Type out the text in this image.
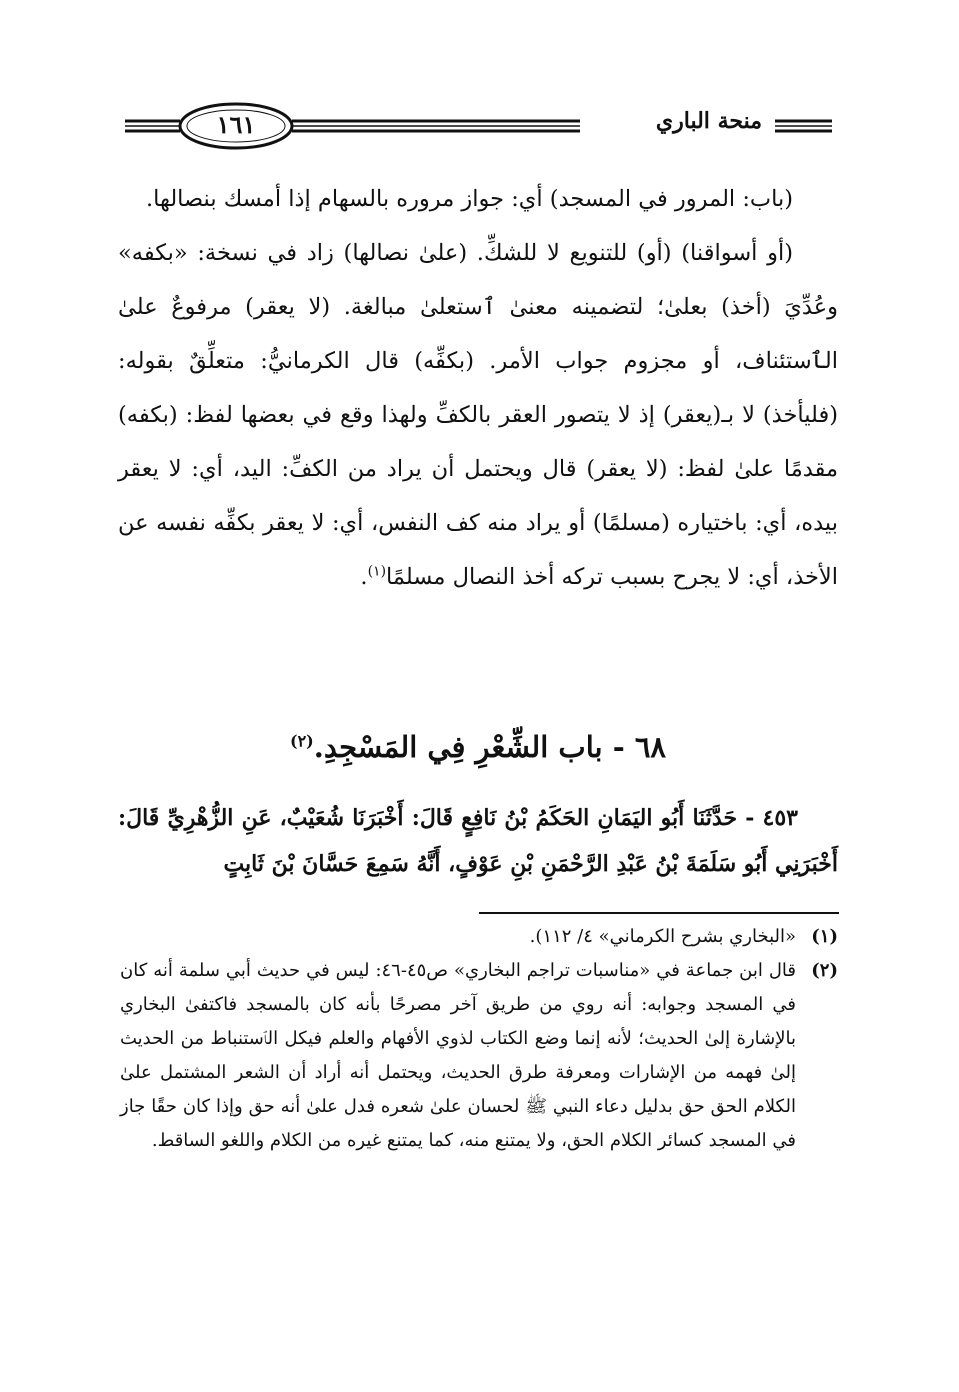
منحة الباري
١٦١

(باب: المرور في المسجد) أي: جواز مروره بالسهام إذا أمسك بنصالها.

(أو أسواقنا) (أو) للتنويع لا للشكِّ. (علىٰ نصالها) زاد في نسخة: «بكفه» وعُدِّيَ (أخذ) بعلىٰ؛ لتضمينه معنىٰ ٱستعلىٰ مبالغة. (لا يعقر) مرفوعٌ علىٰ الٱستئناف، أو مجزوم جواب الأمر. (بكفِّه) قال الكرمانيُّ: متعلِّقٌ بقوله: (فليأخذ) لا بـ(يعقر) إذ لا يتصور العقر بالكفِّ ولهذا وقع في بعضها لفظ: (بكفه) مقدمًا علىٰ لفظ: (لا يعقر) قال ويحتمل أن يراد من الكفِّ: اليد، أي: لا يعقر بيده، أي: باختياره (مسلمًا) أو يراد منه كف النفس، أي: لا يعقر بكفِّه نفسه عن الأخذ، أي: لا يجرح بسبب تركه أخذ النصال مسلمًا$^{(١)}$.

٦٨ - باب الشِّعْرِ فِي المَسْجِدِ.$^{(٢)}$

٤٥٣ - حَدَّثَنَا أَبُو اليَمَانِ الحَكَمُ بْنُ نَافِعٍ قَالَ: أَخْبَرَنَا شُعَيْبٌ، عَنِ الزُّهْرِيِّ قَالَ: أَخْبَرَنِي أَبُو سَلَمَةَ بْنُ عَبْدِ الرَّحْمَنِ بْنِ عَوْفٍ، أَنَّهُ سَمِعَ حَسَّانَ بْنَ ثَابِتٍ

(١)
«البخاري بشرح الكرماني» ٤/ ١١٢).
(٢)
قال ابن جماعة في «مناسبات تراجم البخاري» ص٤٥-٤٦: ليس في حديث أبي سلمة أنه كان في المسجد وجوابه: أنه روي من طريق آخر مصرحًا بأنه كان بالمسجد فاكتفىٰ البخاري بالإشارة إلىٰ الحديث؛ لأنه إنما وضع الكتاب لذوي الأفهام والعلم فيكل الٱستنباط من الحديث إلىٰ فهمه من الإشارات ومعرفة طرق الحديث، ويحتمل أنه أراد أن الشعر المشتمل علىٰ الكلام الحق حق بدليل دعاء النبي ﷺ لحسان علىٰ شعره فدل علىٰ أنه حق وإذا كان حقًا جاز في المسجد كسائر الكلام الحق، ولا يمتنع منه، كما يمتنع غيره من الكلام واللغو الساقط.
